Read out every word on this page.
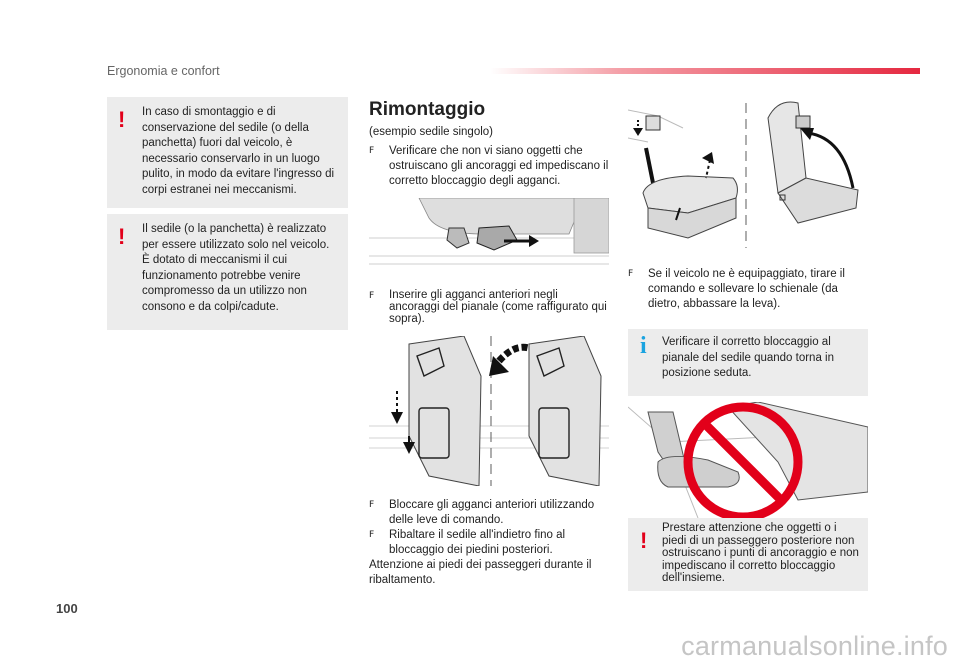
Ergonomia e confort
! In caso di smontaggio e di conservazione del sedile (o della panchetta) fuori dal veicolo, è necessario conservarlo in un luogo pulito, in modo da evitare l'ingresso di corpi estranei nei meccanismi.

! Il sedile (o la panchetta) è realizzato per essere utilizzato solo nel veicolo. È dotato di meccanismi il cui funzionamento potrebbe venire compromesso da un utilizzo non consono e da colpi/cadute.

Rimontaggio
(esempio sedile singolo)
F	Verificare che non vi siano oggetti che ostruiscano gli ancoraggi ed impediscano il corretto bloccaggio degli agganci.
F	Inserire gli agganci anteriori negli ancoraggi del pianale (come raffigurato qui sopra).
F	Bloccare gli agganci anteriori utilizzando delle leve di comando.
F	Ribaltare il sedile all'indietro fino al bloccaggio dei piedini posteriori.
Attenzione ai piedi dei passeggeri durante il ribaltamento.
F	Se il veicolo ne è equipaggiato, tirare il comando e sollevare lo schienale (da dietro, abbassare la leva).
i Verificare il corretto bloccaggio al pianale del sedile quando torna in posizione seduta.

! Prestare attenzione che oggetti o i piedi di un passeggero posteriore non ostruiscano i punti di ancoraggio e non impediscano il corretto bloccaggio dell'insieme.

100
carmanualsonline.info
